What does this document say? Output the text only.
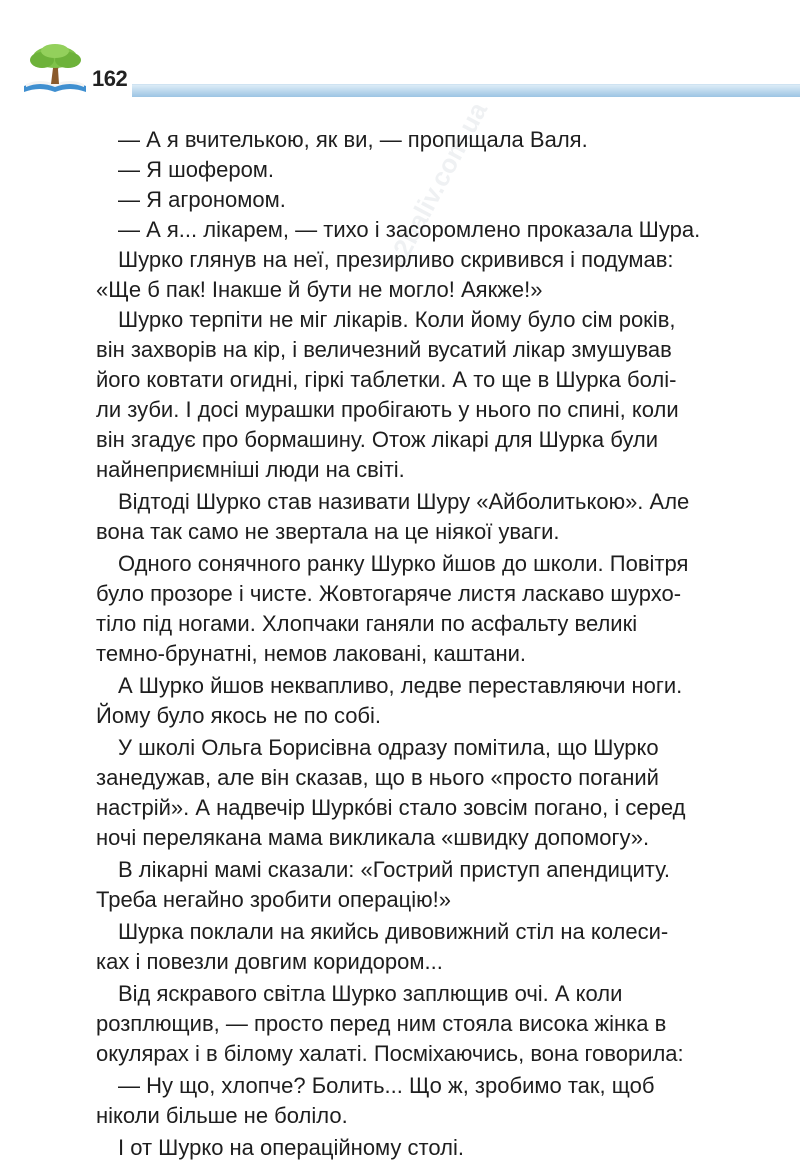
162
12baliv.com.ua
— А я вчителькою, як ви, — пропищала Валя.
— Я шофером.
— Я агрономом.
— А я... лікарем, — тихо і засоромлено проказала Шура.
Шурко глянув на неї, презирливо скривився і подумав:
«Ще б пак! Інакше й бути не могло! Аякже!»
Шурко терпіти не міг лікарів. Коли йому було сім років,
він захворів на кір, і величезний вусатий лікар змушував
його ковтати огидні, гіркі таблетки. А то ще в Шурка болі-
ли зуби. І досі мурашки пробігають у нього по спині, коли
він згадує про бормашину. Отож лікарі для Шурка були
найнеприємніші люди на світі.
Відтоді Шурко став називати Шуру «Айболитькою». Але
вона так само не звертала на це ніякої уваги.
Одного сонячного ранку Шурко йшов до школи. Повітря
було прозоре і чисте. Жовтогаряче листя ласкаво шурхо-
тіло під ногами. Хлопчаки ганяли по асфальту великі
темно-брунатні, немов лаковані, каштани.
А Шурко йшов неквапливо, ледве переставляючи ноги.
Йому було якось не по собі.
У школі Ольга Борисівна одразу помітила, що Шурко
занедужав, але він сказав, що в нього «просто поганий
настрій». А надвечір Шуркóві стало зовсім погано, і серед
ночі перелякана мама викликала «швидку допомогу».
В лікарні мамі сказали: «Гострий приступ апендициту.
Треба негайно зробити операцію!»
Шурка поклали на якийсь дивовижний стіл на колеси-
ках і повезли довгим коридором...
Від яскравого світла Шурко заплющив очі. А коли
розплющив, — просто перед ним стояла висока жінка в
окулярах і в білому халаті. Посміхаючись, вона говорила:
— Ну що, хлопче? Болить... Що ж, зробимо так, щоб
ніколи більше не боліло.
І от Шурко на операційному столі.
